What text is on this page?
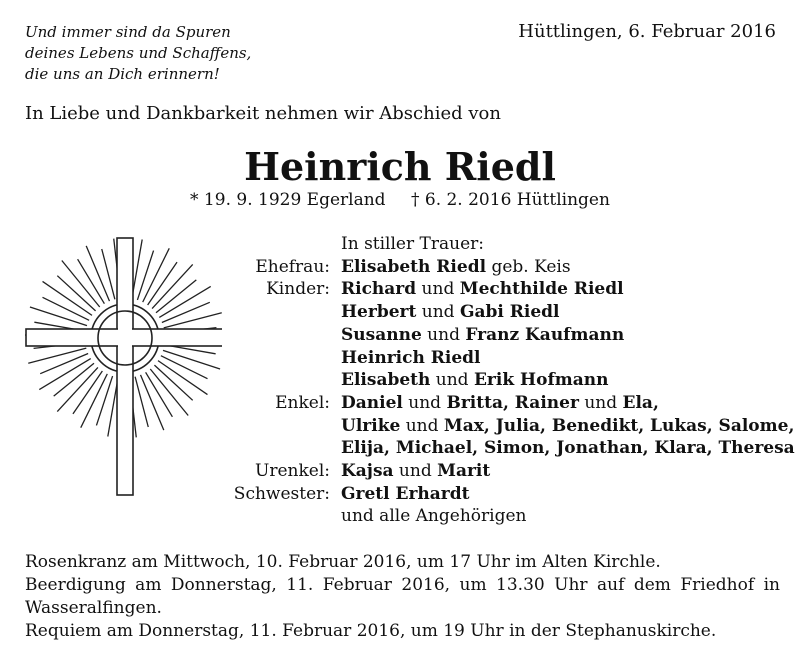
Und immer sind da Spuren
deines Lebens und Schaffens,
die uns an Dich erinnern!
Hüttlingen, 6. Februar 2016
In Liebe und Dankbarkeit nehmen wir Abschied von
Heinrich Riedl
* 19. 9. 1929 Egerland † 6. 2. 2016 Hüttlingen
	In stiller Trauer:
Ehefrau:	Elisabeth Riedl geb. Keis
Kinder:	Richard und Mechthilde Riedl
	Herbert und Gabi Riedl
	Susanne und Franz Kaufmann
	Heinrich Riedl
	Elisabeth und Erik Hofmann
Enkel:	Daniel und Britta, Rainer und Ela,
	Ulrike und Max, Julia, Benedikt, Lukas, Salome,
	Elija, Michael, Simon, Jonathan, Klara, Theresa
Urenkel:	Kajsa und Marit
Schwester:	Gretl Erhardt
	und alle Angehörigen
Rosenkranz am Mittwoch, 10. Februar 2016, um 17 Uhr im Alten Kirchle.
Beerdigung am Donnerstag, 11. Februar 2016, um 13.30 Uhr auf dem Friedhof in Wasseralfingen.
Requiem am Donnerstag, 11. Februar 2016, um 19 Uhr in der Stephanuskirche.
